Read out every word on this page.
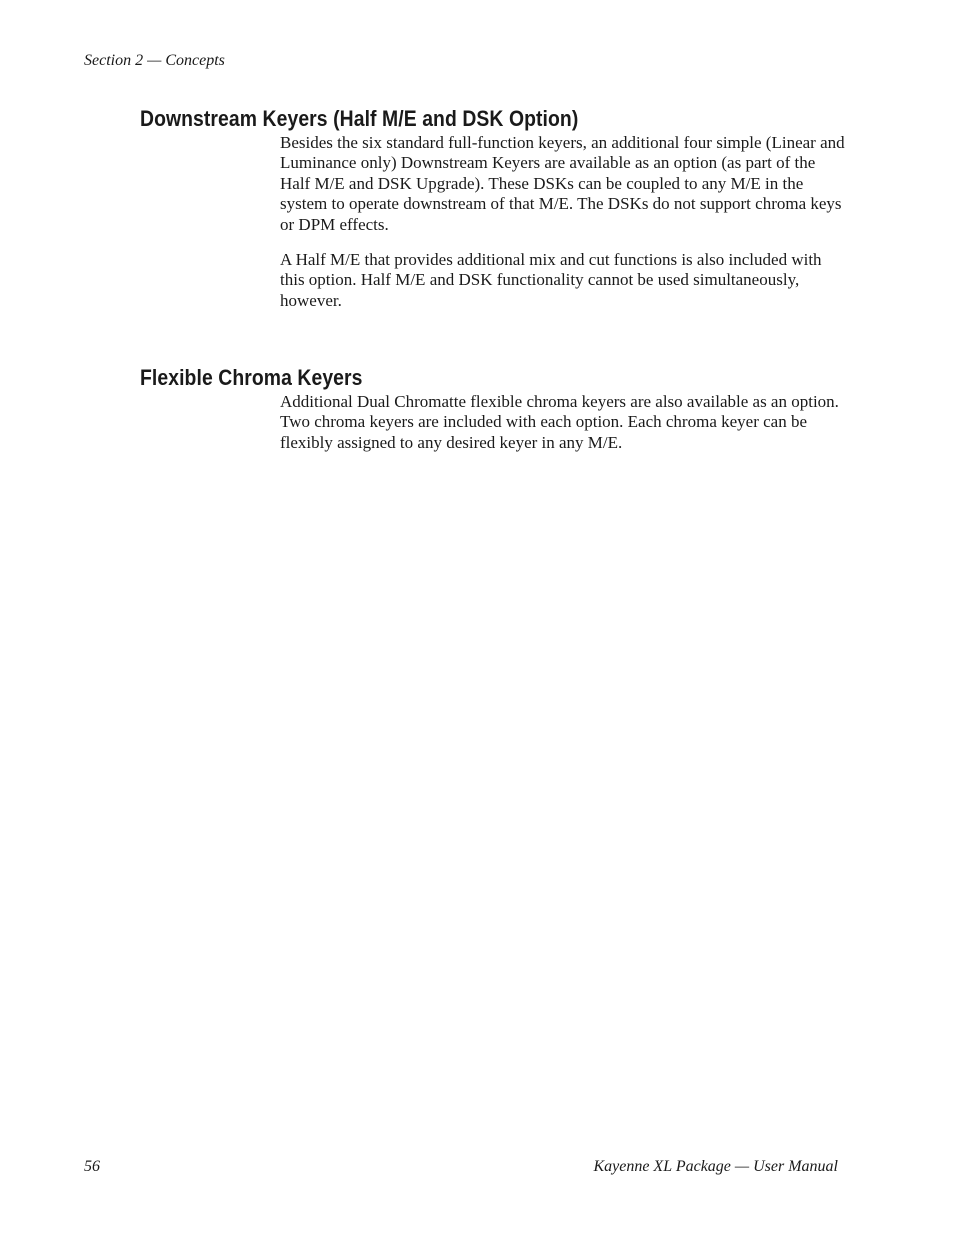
Section 2 — Concepts
Downstream Keyers (Half M/E and DSK Option)

Besides the six standard full-function keyers, an additional four simple (Linear and Luminance only) Downstream Keyers are available as an option (as part of the Half M/E and DSK Upgrade). These DSKs can be coupled to any M/E in the system to operate downstream of that M/E. The DSKs do not support chroma keys or DPM effects.

A Half M/E that provides additional mix and cut functions is also included with this option. Half M/E and DSK functionality cannot be used simultaneously, however.

Flexible Chroma Keyers

Additional Dual Chromatte flexible chroma keyers are also available as an option. Two chroma keyers are included with each option. Each chroma keyer can be flexibly assigned to any desired keyer in any M/E.

56	Kayenne XL Package — User Manual
